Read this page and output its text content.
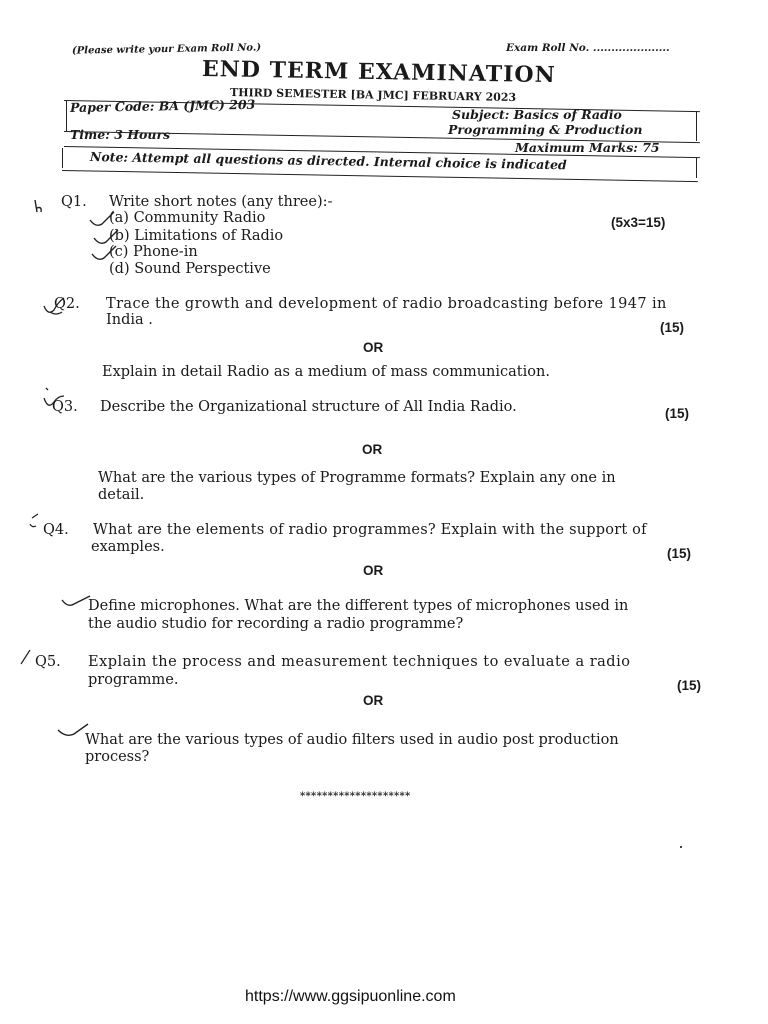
(Please write your Exam Roll No.)	Exam Roll No. .....................
END TERM EXAMINATION
THIRD SEMESTER [BA JMC] FEBRUARY 2023
Paper Code: BA (JMC) 203	Subject: Basics of Radio
Programming & Production
Time: 3 Hours
Maximum Marks: 75
Note: Attempt all questions as directed. Internal choice is indicated
Q1. Write short notes (any three):-
(5x3=15)
(a) Community Radio
(b) Limitations of Radio
(c) Phone-in
(d) Sound Perspective
Q2. Trace the growth and development of radio broadcasting before 1947 in
India .	(15)
OR
Explain in detail Radio as a medium of mass communication.
Q3. Describe the Organizational structure of All India Radio.	(15)
OR
What are the various types of Programme formats? Explain any one in
detail.
Q4. What are the elements of radio programmes? Explain with the support of
examples.	(15)
OR
Define microphones. What are the different types of microphones used in
the audio studio for recording a radio programme?
Q5. Explain the process and measurement techniques to evaluate a radio
programme.	(15)
OR
What are the various types of audio filters used in audio post production
process?
********************
https://www.ggsipuonline.com
